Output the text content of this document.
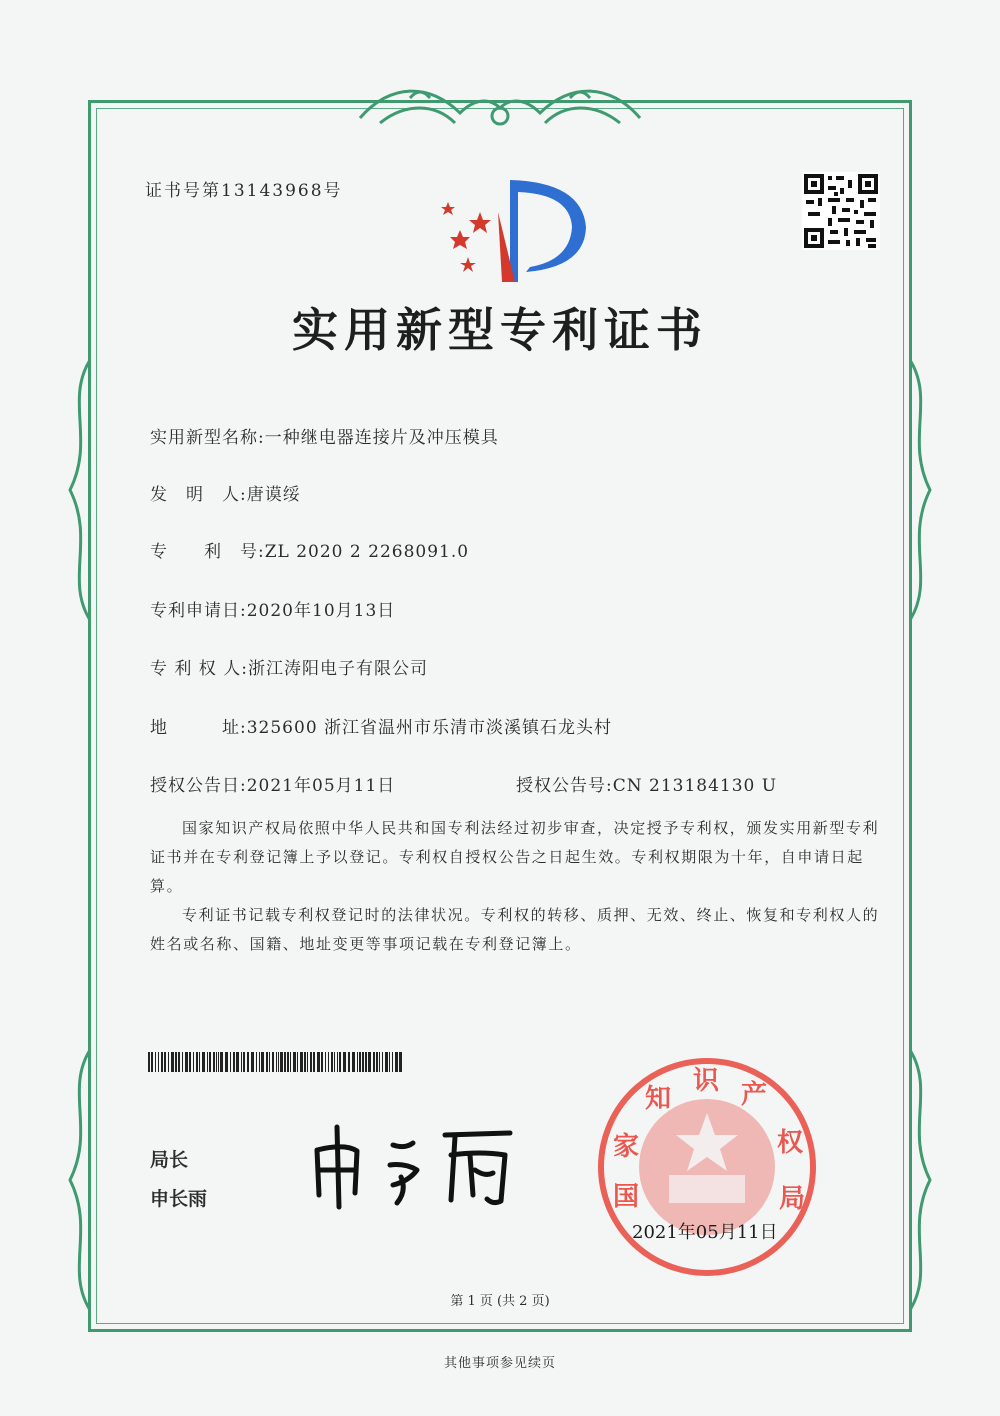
证书号第13143968号
实用新型专利证书
实用新型名称:一种继电器连接片及冲压模具
发　明　人:唐谟绥
专　　利　号:ZL 2020 2 2268091.0
专利申请日:2020年10月13日
专 利 权 人:浙江涛阳电子有限公司
地　　　址:325600 浙江省温州市乐清市淡溪镇石龙头村
授权公告日:2021年05月11日	授权公告号:CN 213184130 U
国家知识产权局依照中华人民共和国专利法经过初步审查，决定授予专利权，颁发实用新型专利证书并在专利登记簿上予以登记。专利权自授权公告之日起生效。专利权期限为十年，自申请日起算。
专利证书记载专利权登记时的法律状况。专利权的转移、质押、无效、终止、恢复和专利权人的姓名或名称、国籍、地址变更等事项记载在专利登记簿上。
局长
申长雨	国
家
知
识 产
权
局
2021年05月11日
第 1 页 (共 2 页)
其他事项参见续页
